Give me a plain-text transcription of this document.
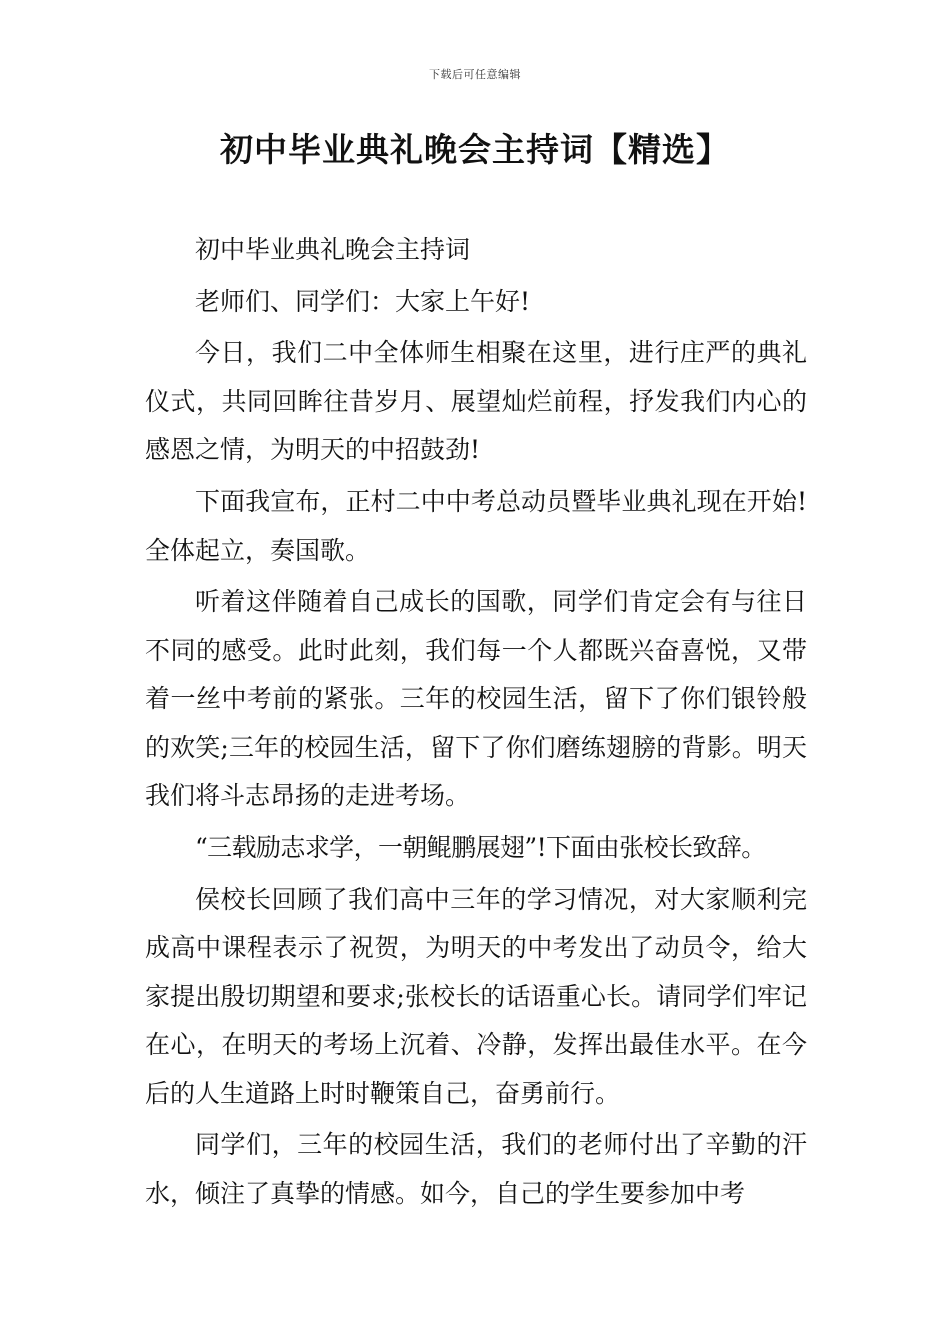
下载后可任意编辑
初中毕业典礼晚会主持词【精选】

初中毕业典礼晚会主持词

老师们、同学们：大家上午好!

今日，我们二中全体师生相聚在这里，进行庄严的典礼仪式，共同回眸往昔岁月、展望灿烂前程，抒发我们内心的感恩之情，为明天的中招鼓劲!

下面我宣布，正村二中中考总动员暨毕业典礼现在开始!全体起立，奏国歌。

听着这伴随着自己成长的国歌，同学们肯定会有与往日不同的感受。此时此刻，我们每一个人都既兴奋喜悦，又带着一丝中考前的紧张。三年的校园生活，留下了你们银铃般的欢笑;三年的校园生活，留下了你们磨练翅膀的背影。明天我们将斗志昂扬的走进考场。

“三载励志求学，一朝鲲鹏展翅”!下面由张校长致辞。

侯校长回顾了我们高中三年的学习情况，对大家顺利完成高中课程表示了祝贺，为明天的中考发出了动员令，给大家提出殷切期望和要求;张校长的话语重心长。请同学们牢记在心，在明天的考场上沉着、冷静，发挥出最佳水平。在今后的人生道路上时时鞭策自己，奋勇前行。

同学们，三年的校园生活，我们的老师付出了辛勤的汗水，倾注了真挚的情感。如今，自己的学生要参加中考
